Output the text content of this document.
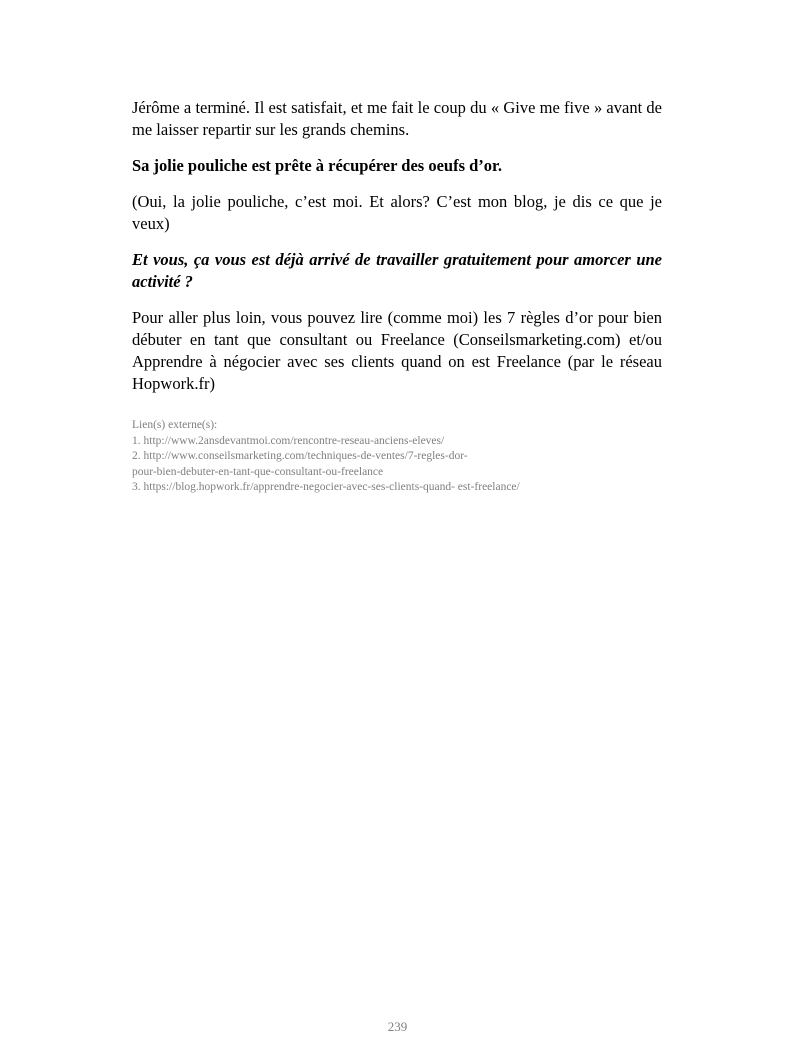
Jérôme a terminé. Il est satisfait, et me fait le coup du « Give me five » avant de me laisser repartir sur les grands chemins.

Sa jolie pouliche est prête à récupérer des oeufs d’or.

(Oui, la jolie pouliche, c’est moi. Et alors? C’est mon blog, je dis ce que je veux)

Et vous, ça vous est déjà arrivé de travailler gratuitement pour amorcer une activité ?

Pour aller plus loin, vous pouvez lire (comme moi) les 7 règles d’or pour bien débuter en tant que consultant ou Freelance (Conseilsmarketing.com) et/ou Apprendre à négocier avec ses clients quand on est Freelance (par le réseau Hopwork.fr)

Lien(s) externe(s):
1. http://www.2ansdevantmoi.com/rencontre-reseau-anciens-eleves/
2. http://www.conseilsmarketing.com/techniques-de-ventes/7-regles-dor-
pour-bien-debuter-en-tant-que-consultant-ou-freelance
3. https://blog.hopwork.fr/apprendre-negocier-avec-ses-clients-quand- est-freelance/
239
